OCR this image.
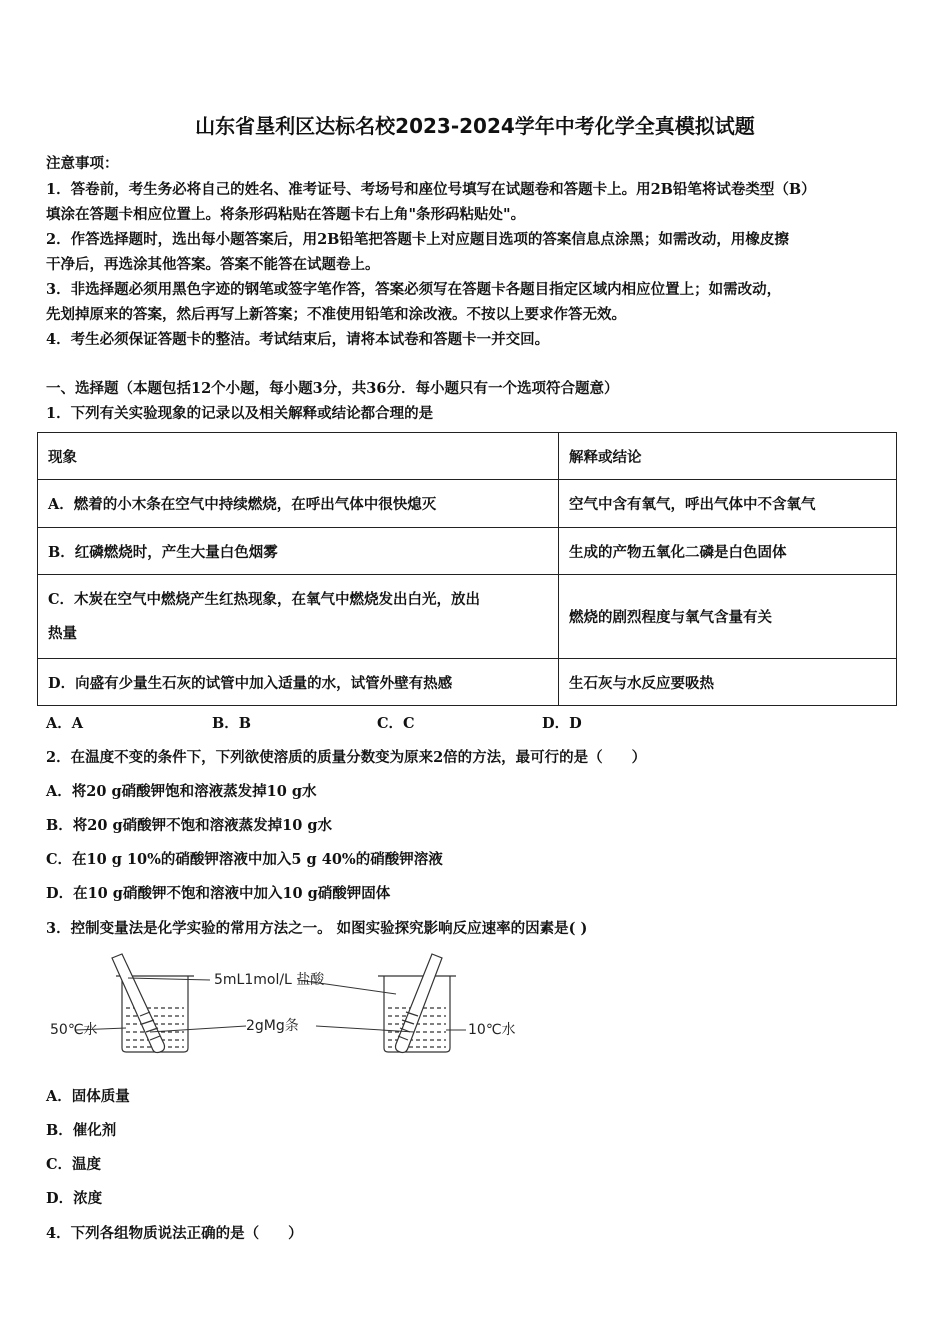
山东省垦利区达标名校2023-2024学年中考化学全真模拟试题
注意事项：
1．答卷前，考生务必将自己的姓名、准考证号、考场号和座位号填写在试题卷和答题卡上。用2B铅笔将试卷类型（B）
填涂在答题卡相应位置上。将条形码粘贴在答题卡右上角"条形码粘贴处"。
2．作答选择题时，选出每小题答案后，用2B铅笔把答题卡上对应题目选项的答案信息点涂黑；如需改动，用橡皮擦
干净后，再选涂其他答案。答案不能答在试题卷上。
3．非选择题必须用黑色字迹的钢笔或签字笔作答，答案必须写在答题卡各题目指定区域内相应位置上；如需改动，
先划掉原来的答案，然后再写上新答案；不准使用铅笔和涂改液。不按以上要求作答无效。
4．考生必须保证答题卡的整洁。考试结束后，请将本试卷和答题卡一并交回。
一、选择题（本题包括12个小题，每小题3分，共36分．每小题只有一个选项符合题意）
1．下列有关实验现象的记录以及相关解释或结论都合理的是
现象	解释或结论
A．燃着的小木条在空气中持续燃烧，在呼出气体中很快熄灭	空气中含有氧气，呼出气体中不含氧气
B．红磷燃烧时，产生大量白色烟雾	生成的产物五氧化二磷是白色固体

C．木炭在空气中燃烧产生红热现象，在氧气中燃烧发出白光，放出
热量	燃烧的剧烈程度与氧气含量有关
D．向盛有少量生石灰的试管中加入适量的水，试管外壁有热感	生石灰与水反应要吸热
A．A	B．B	C．C	D．D
2．在温度不变的条件下，下列欲使溶质的质量分数变为原来2倍的方法，最可行的是（　　）
A．将20 g硝酸钾饱和溶液蒸发掉10 g水
B．将20 g硝酸钾不饱和溶液蒸发掉10 g水
C．在10 g 10%的硝酸钾溶液中加入5 g 40%的硝酸钾溶液
D．在10 g硝酸钾不饱和溶液中加入10 g硝酸钾固体
3．控制变量法是化学实验的常用方法之一。 如图实验探究影响反应速率的因素是( )
5mL1mol/L 盐酸
2gMg条
50℃水	10℃水
A．固体质量
B．催化剂
C．温度
D．浓度
4．下列各组物质说法正确的是（　　）
